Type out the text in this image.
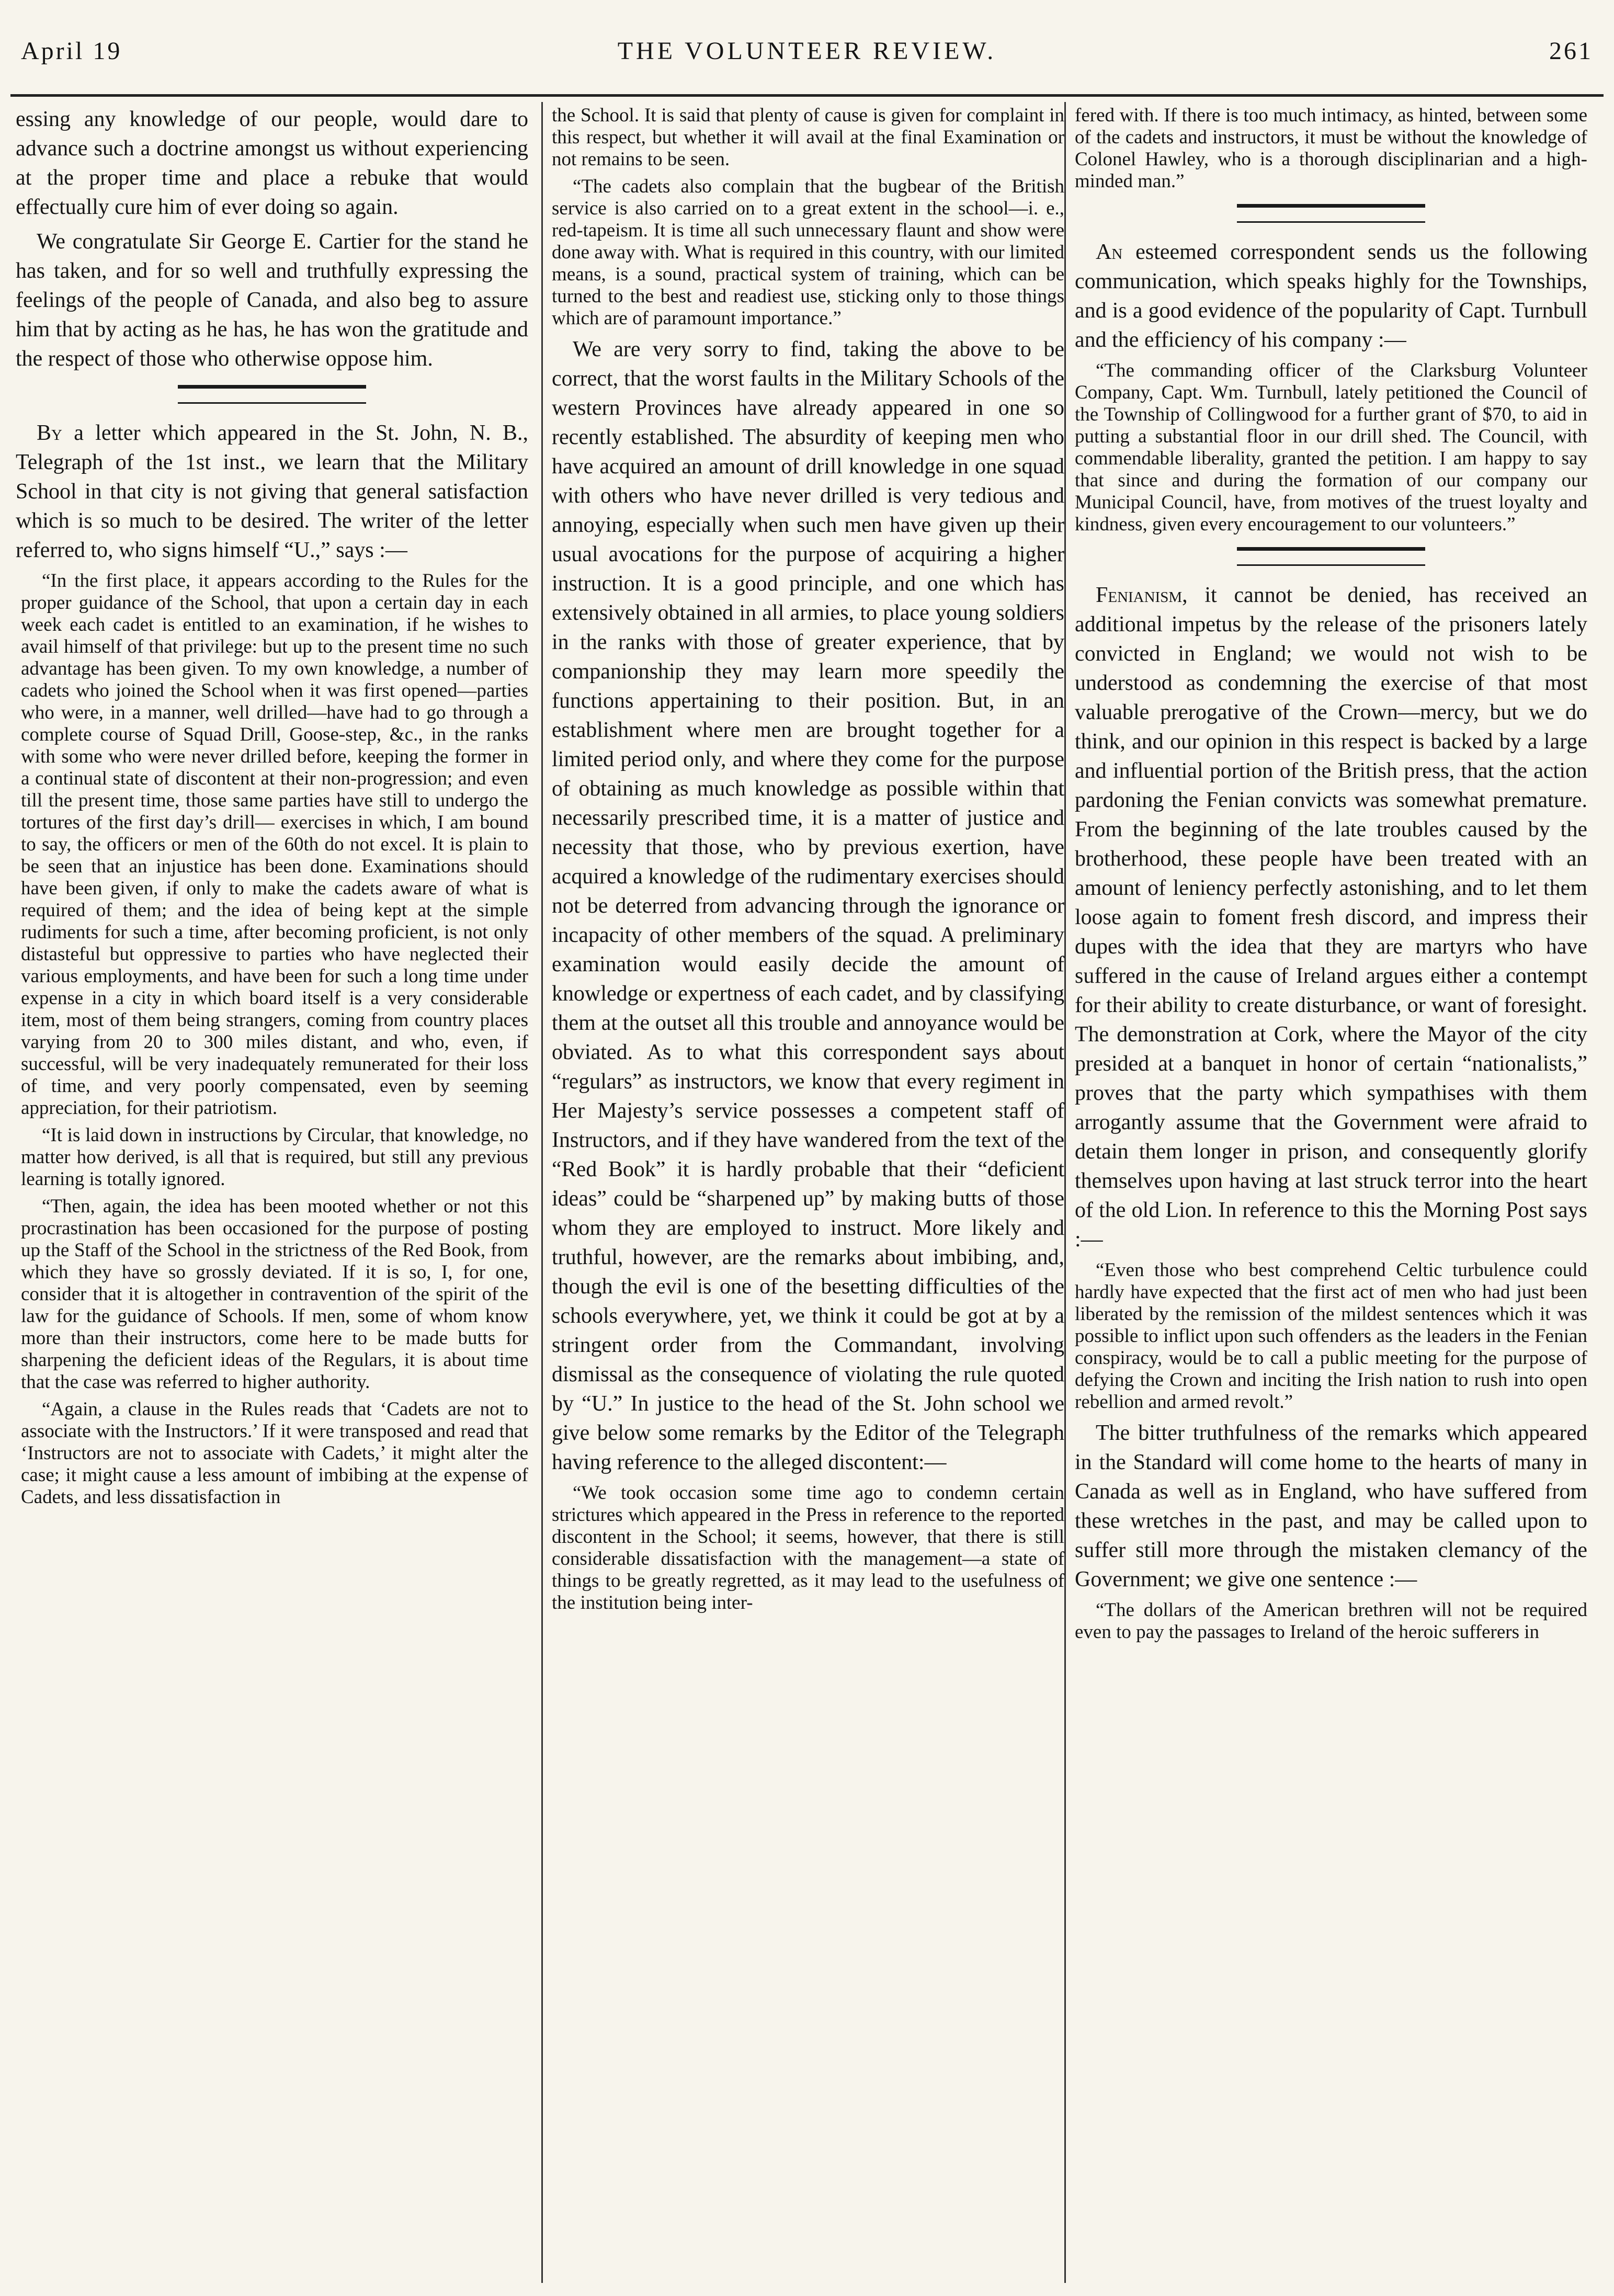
April 19	THE VOLUNTEER REVIEW.	261

essing any knowledge of our people, would dare to advance such a doctrine amongst us without experiencing at the proper time and place a rebuke that would effectually cure him of ever doing so again.

We congratulate Sir George E. Cartier for the stand he has taken, and for so well and truthfully expressing the feelings of the people of Canada, and also beg to assure him that by acting as he has, he has won the gratitude and the respect of those who otherwise oppose him.

By a letter which appeared in the St. John, N. B., Telegraph of the 1st inst., we learn that the Military School in that city is not giving that general satisfaction which is so much to be desired. The writer of the letter referred to, who signs himself “U.,” says :—

“In the first place, it appears according to the Rules for the proper guidance of the School, that upon a certain day in each week each cadet is entitled to an examination, if he wishes to avail himself of that privilege: but up to the present time no such advantage has been given. To my own knowledge, a number of cadets who joined the School when it was first opened—parties who were, in a manner, well drilled—have had to go through a complete course of Squad Drill, Goose-step, &c., in the ranks with some who were never drilled before, keeping the former in a continual state of discontent at their non-progression; and even till the present time, those same parties have still to undergo the tortures of the first day’s drill— exercises in which, I am bound to say, the officers or men of the 60th do not excel. It is plain to be seen that an injustice has been done. Examinations should have been given, if only to make the cadets aware of what is required of them; and the idea of being kept at the simple rudiments for such a time, after becoming proficient, is not only distasteful but oppressive to parties who have neglected their various employments, and have been for such a long time under expense in a city in which board itself is a very considerable item, most of them being strangers, coming from country places varying from 20 to 300 miles distant, and who, even, if successful, will be very inadequately remunerated for their loss of time, and very poorly compensated, even by seeming appreciation, for their patriotism.

“It is laid down in instructions by Circular, that knowledge, no matter how derived, is all that is required, but still any previous learning is totally ignored.

“Then, again, the idea has been mooted whether or not this procrastination has been occasioned for the purpose of posting up the Staff of the School in the strictness of the Red Book, from which they have so grossly deviated. If it is so, I, for one, consider that it is altogether in contravention of the spirit of the law for the guidance of Schools. If men, some of whom know more than their instructors, come here to be made butts for sharpening the deficient ideas of the Regulars, it is about time that the case was referred to higher authority.

“Again, a clause in the Rules reads that ‘Cadets are not to associate with the Instructors.’ If it were transposed and read that ‘Instructors are not to associate with Cadets,’ it might alter the case; it might cause a less amount of imbibing at the expense of Cadets, and less dissatisfaction in

the School. It is said that plenty of cause is given for complaint in this respect, but whether it will avail at the final Examination or not remains to be seen.

“The cadets also complain that the bugbear of the British service is also carried on to a great extent in the school—i. e., red-tapeism. It is time all such unnecessary flaunt and show were done away with. What is required in this country, with our limited means, is a sound, practical system of training, which can be turned to the best and readiest use, sticking only to those things which are of paramount importance.”

We are very sorry to find, taking the above to be correct, that the worst faults in the Military Schools of the western Provinces have already appeared in one so recently established. The absurdity of keeping men who have acquired an amount of drill knowledge in one squad with others who have never drilled is very tedious and annoying, especially when such men have given up their usual avocations for the purpose of acquiring a higher instruction. It is a good principle, and one which has extensively obtained in all armies, to place young soldiers in the ranks with those of greater experience, that by companionship they may learn more speedily the functions appertaining to their position. But, in an establishment where men are brought together for a limited period only, and where they come for the purpose of obtaining as much knowledge as possible within that necessarily prescribed time, it is a matter of justice and necessity that those, who by previous exertion, have acquired a knowledge of the rudimentary exercises should not be deterred from advancing through the ignorance or incapacity of other members of the squad. A preliminary examination would easily decide the amount of knowledge or expertness of each cadet, and by classifying them at the outset all this trouble and annoyance would be obviated. As to what this correspondent says about “regulars” as instructors, we know that every regiment in Her Majesty’s service possesses a competent staff of Instructors, and if they have wandered from the text of the “Red Book” it is hardly probable that their “deficient ideas” could be “sharpened up” by making butts of those whom they are employed to instruct. More likely and truthful, however, are the remarks about imbibing, and, though the evil is one of the besetting difficulties of the schools everywhere, yet, we think it could be got at by a stringent order from the Commandant, involving dismissal as the consequence of violating the rule quoted by “U.” In justice to the head of the St. John school we give below some remarks by the Editor of the Telegraph having reference to the alleged discontent:—

“We took occasion some time ago to condemn certain strictures which appeared in the Press in reference to the reported discontent in the School; it seems, however, that there is still considerable dissatisfaction with the management—a state of things to be greatly regretted, as it may lead to the usefulness of the institution being inter-

fered with. If there is too much intimacy, as hinted, between some of the cadets and instructors, it must be without the knowledge of Colonel Hawley, who is a thorough disciplinarian and a high-minded man.”

An esteemed correspondent sends us the following communication, which speaks highly for the Townships, and is a good evidence of the popularity of Capt. Turnbull and the efficiency of his company :—

“The commanding officer of the Clarksburg Volunteer Company, Capt. Wm. Turnbull, lately petitioned the Council of the Township of Collingwood for a further grant of $70, to aid in putting a substantial floor in our drill shed. The Council, with commendable liberality, granted the petition. I am happy to say that since and during the formation of our company our Municipal Council, have, from motives of the truest loyalty and kindness, given every encouragement to our volunteers.”

Fenianism, it cannot be denied, has received an additional impetus by the release of the prisoners lately convicted in England; we would not wish to be understood as condemning the exercise of that most valuable prerogative of the Crown—mercy, but we do think, and our opinion in this respect is backed by a large and influential portion of the British press, that the action pardoning the Fenian convicts was somewhat premature. From the beginning of the late troubles caused by the brotherhood, these people have been treated with an amount of leniency perfectly astonishing, and to let them loose again to foment fresh discord, and impress their dupes with the idea that they are martyrs who have suffered in the cause of Ireland argues either a contempt for their ability to create disturbance, or want of foresight. The demonstration at Cork, where the Mayor of the city presided at a banquet in honor of certain “nationalists,” proves that the party which sympathises with them arrogantly assume that the Government were afraid to detain them longer in prison, and consequently glorify themselves upon having at last struck terror into the heart of the old Lion. In reference to this the Morning Post says :—

“Even those who best comprehend Celtic turbulence could hardly have expected that the first act of men who had just been liberated by the remission of the mildest sentences which it was possible to inflict upon such offenders as the leaders in the Fenian conspiracy, would be to call a public meeting for the purpose of defying the Crown and inciting the Irish nation to rush into open rebellion and armed revolt.”

The bitter truthfulness of the remarks which appeared in the Standard will come home to the hearts of many in Canada as well as in England, who have suffered from these wretches in the past, and may be called upon to suffer still more through the mistaken clemancy of the Government; we give one sentence :—

“The dollars of the American brethren will not be required even to pay the passages to Ireland of the heroic sufferers in
